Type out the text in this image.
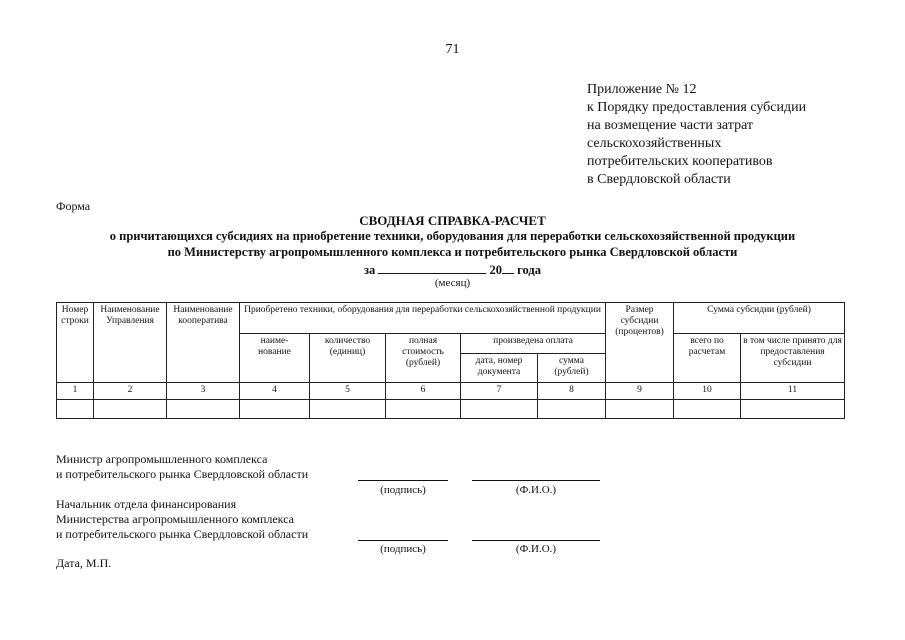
71
Приложение № 12
к Порядку предоставления субсидии
на возмещение части затрат
сельскохозяйственных
потребительских кооперативов
в Свердловской области
Форма
СВОДНАЯ СПРАВКА-РАСЧЕТ
о причитающихся субсидиях на приобретение техники, оборудования для переработки сельскохозяйственной продукции
по Министерству агропромышленного комплекса и потребительского рынка Свердловской области
за	20 года
(месяц)
Номер строки	Наименование Управления	Наименование кооператива	Приобретено техники, оборудования для переработки сельскохозяйственной продукции					Размер субсидии (процентов)	Сумма субсидии (рублей)	
			наиме-нование	количество (единиц)	полная стоимость (рублей)	произведена оплата			всего по расчетам	в том числе принято для предоставления субсидии
						дата, номер документа	сумма (рублей)			
1	2	3	4	5	6	7	8	9	10	11

Министр агропромышленного комплекса
и потребительского рынка Свердловской области
(подпись)	(Ф.И.О.)
Начальник отдела финансирования
Министерства агропромышленного комплекса
и потребительского рынка Свердловской области
(подпись)	(Ф.И.О.)
Дата, М.П.
